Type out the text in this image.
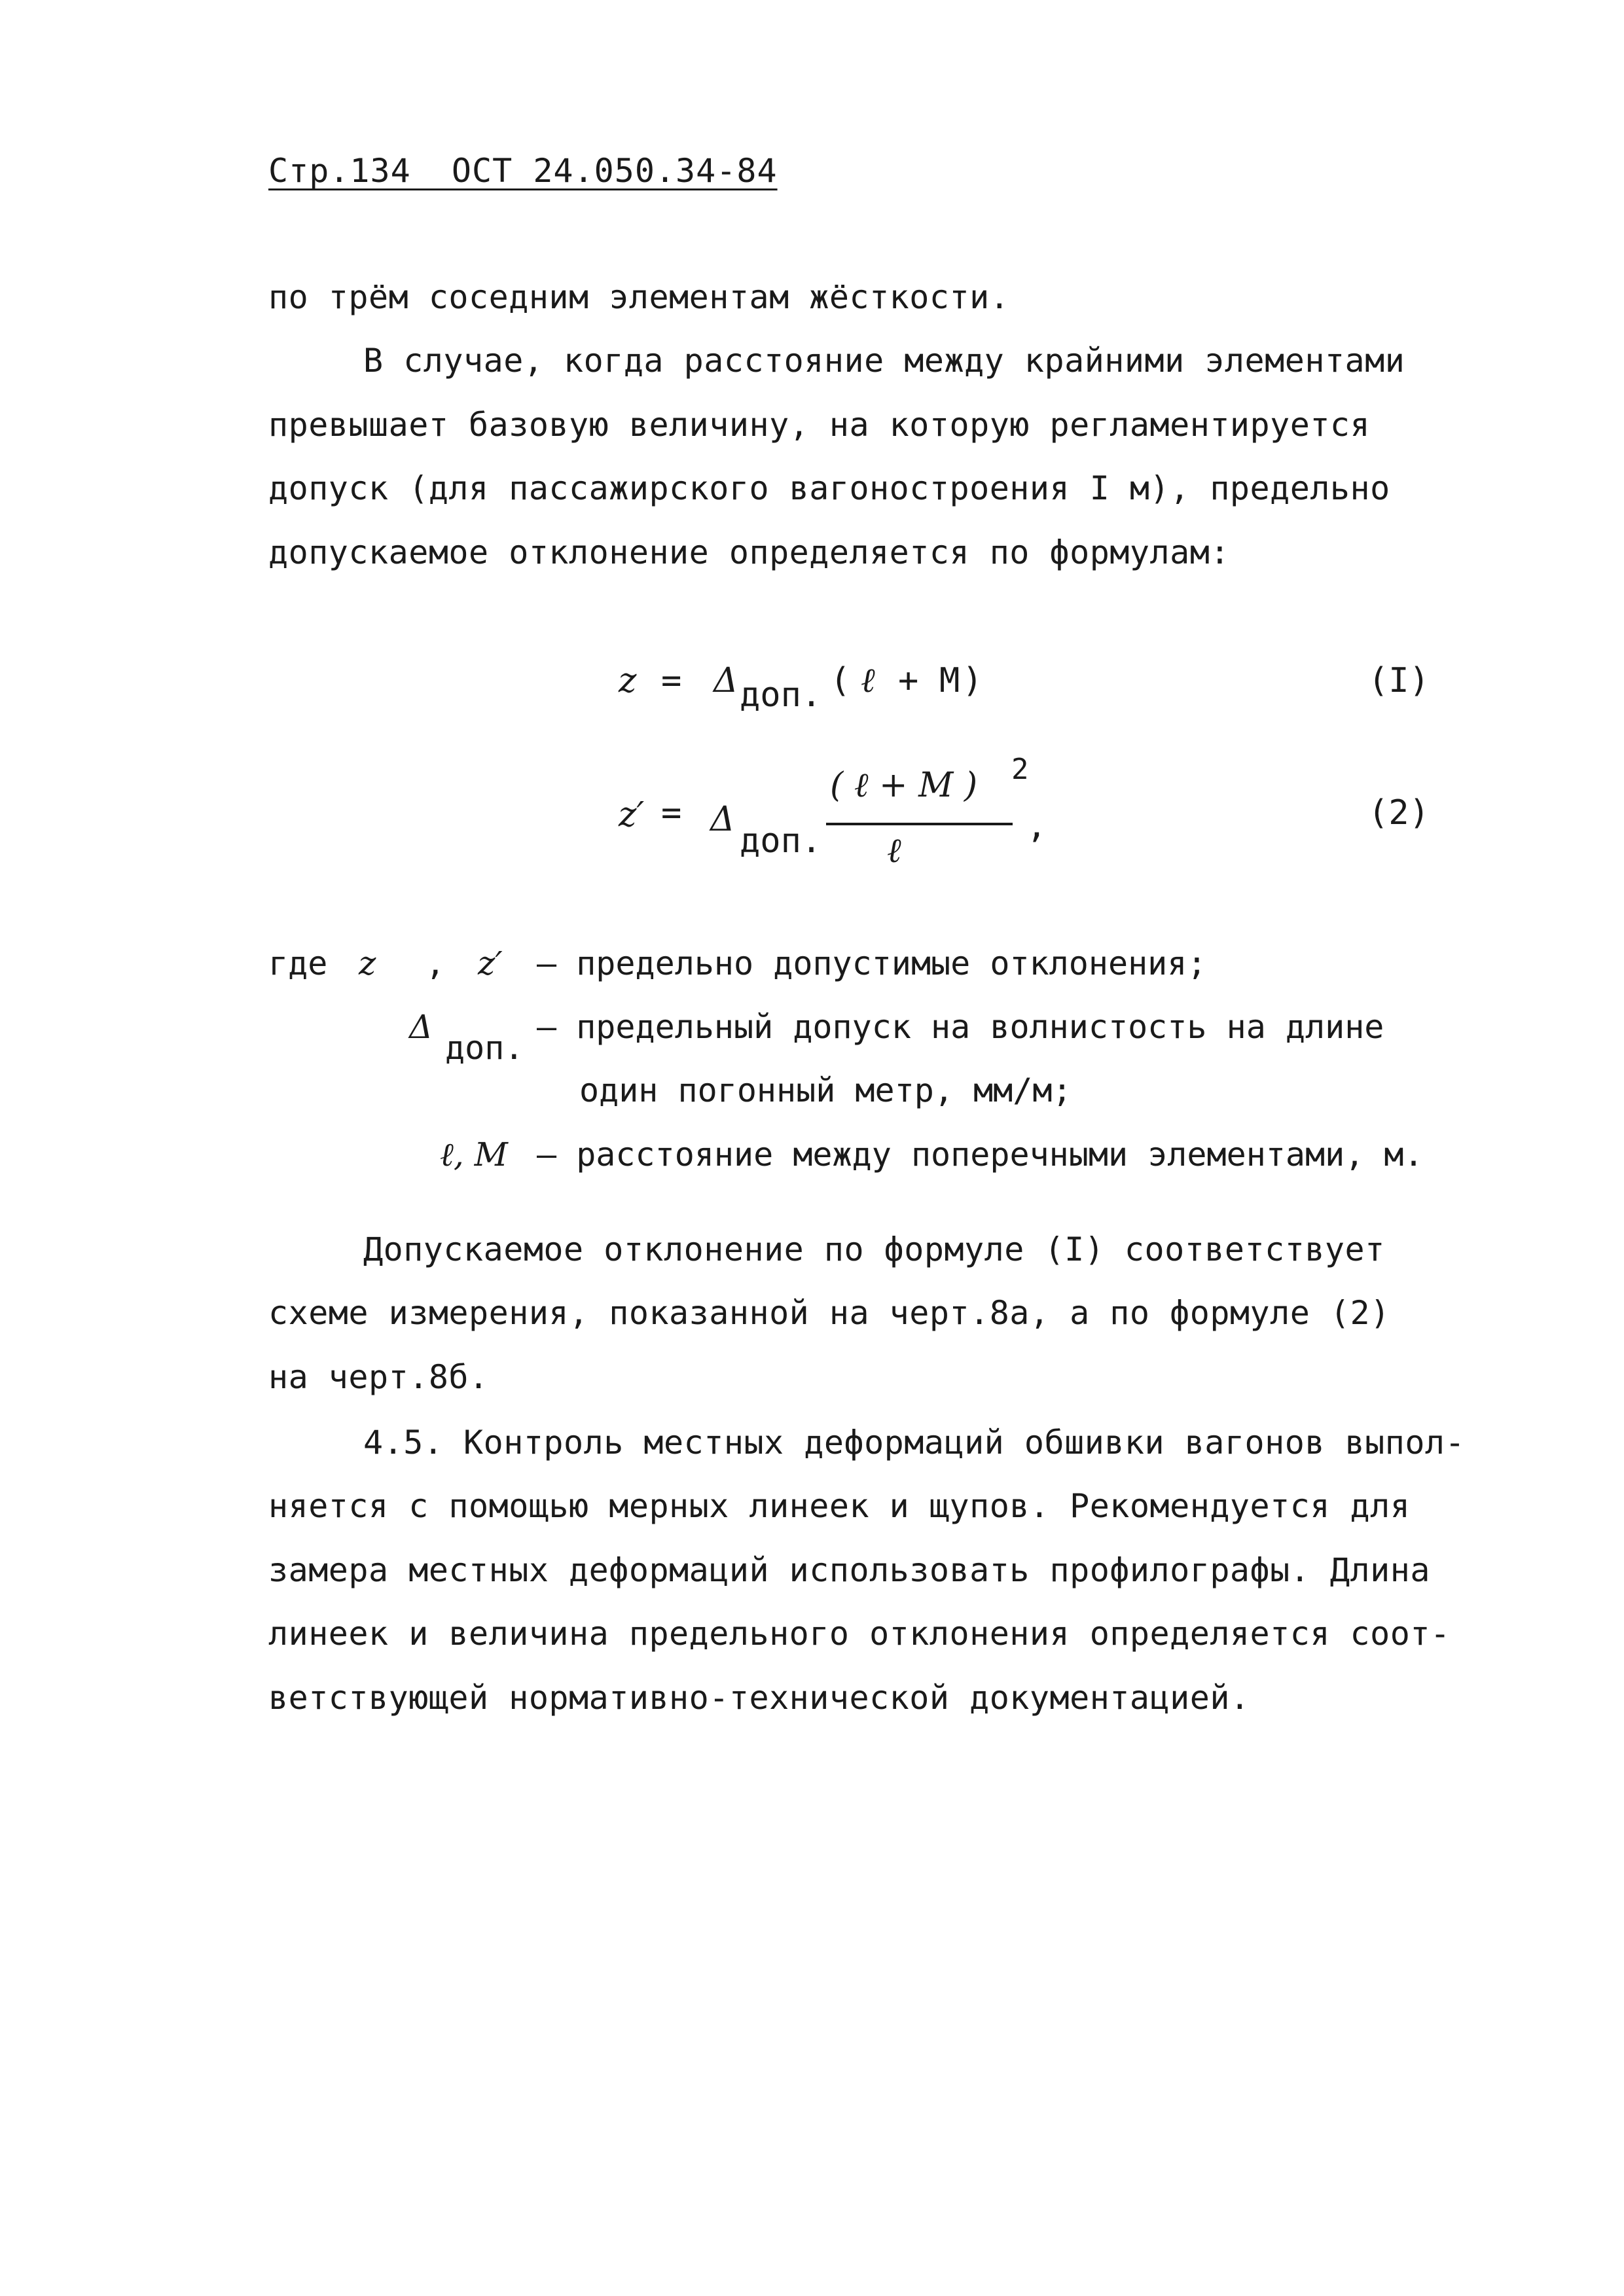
Стр.134  ОСТ 24.050.34-84
по трём соседним элементам жёсткости.
В случае, когда расстояние между крайними элементами
превышает базовую величину, на которую регламентируется
допуск (для пассажирского вагоностроения I м), предельно
допускаемое отклонение определяется по формулам:
z = Δ доп. ( ℓ + M )	(I)
z′ = Δ
доп.
( ℓ + M ) 2
ℓ
,	(2)
где z , z′ – предельно допустимые отклонения;
Δ
доп.
– предельный допуск на волнистость на длине
один погонный метр, мм/м;
ℓ, M – расстояние между поперечными элементами, м.
Допускаемое отклонение по формуле (I) соответствует
схеме измерения, показанной на черт.8а, а по формуле (2)
на черт.8б.
4.5. Контроль местных деформаций обшивки вагонов выпол-
няется с помощью мерных линеек и щупов. Рекомендуется для
замера местных деформаций использовать профилографы. Длина
линеек и величина предельного отклонения определяется соот-
ветствующей нормативно-технической документацией.
